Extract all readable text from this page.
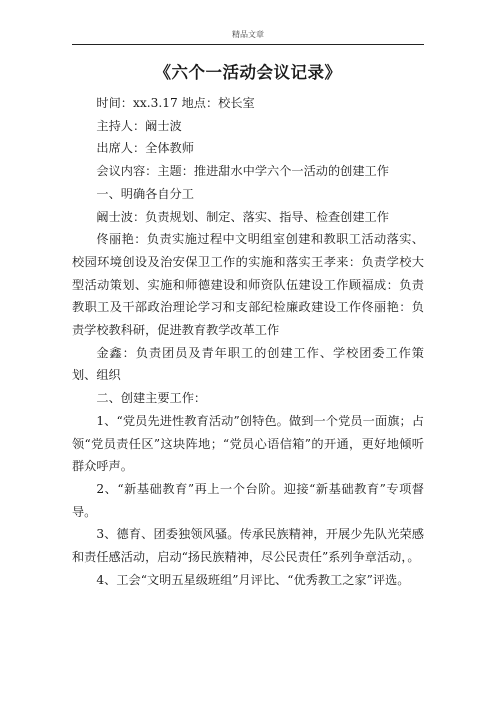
精品文章
《六个一活动会议记录》

时间：xx.3.17 地点：校长室

主持人：阚士波

出席人：全体教师

会议内容：主题：推进甜水中学六个一活动的创建工作

一、明确各自分工

阚士波：负责规划、制定、落实、指导、检查创建工作

佟丽艳：负责实施过程中文明组室创建和教职工活动落实、校园环境创设及治安保卫工作的实施和落实王孝来：负责学校大型活动策划、实施和师德建设和师资队伍建设工作顾福成：负责教职工及干部政治理论学习和支部纪检廉政建设工作佟丽艳：负责学校教科研，促进教育教学改革工作

金鑫：负责团员及青年职工的创建工作、学校团委工作策划、组织

二、创建主要工作：

1、“党员先进性教育活动”创特色。做到一个党员一面旗；占领“党员责任区”这块阵地；“党员心语信箱”的开通，更好地倾听群众呼声。

2、“新基础教育”再上一个台阶。迎接“新基础教育”专项督导。

3、德育、团委独领风骚。传承民族精神，开展少先队光荣感和责任感活动，启动“扬民族精神，尽公民责任”系列争章活动，。

4、工会“文明五星级班组”月评比、“优秀教工之家”评选。
